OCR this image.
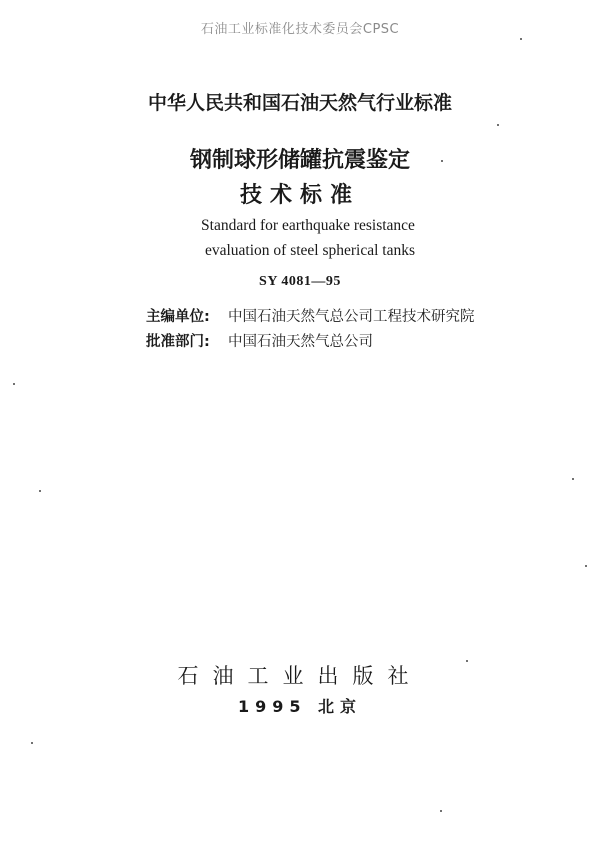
石油工业标准化技术委员会CPSC
中华人民共和国石油天然气行业标准
钢制球形储罐抗震鉴定
技术标准
Standard for earthquake resistance
evaluation of steel spherical tanks
SY 4081—95
主编单位: 中国石油天然气总公司工程技术研究院
批准部门: 中国石油天然气总公司
石油工业出版社
1995 北京
